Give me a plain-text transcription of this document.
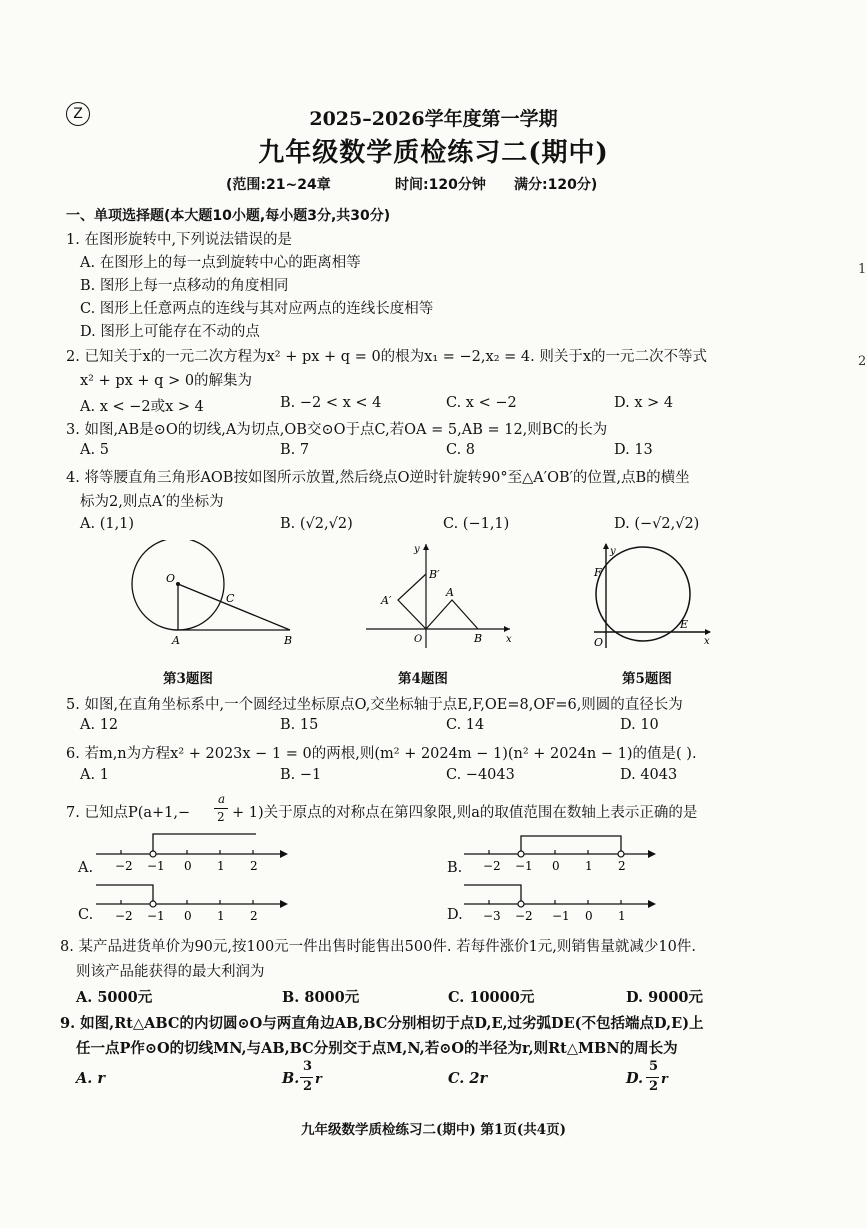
Z	2025–2026学年度第一学期
九年级数学质检练习二(期中)
(范围:21~24章	时间:120分钟 满分:120分)
一、单项选择题(本大题10小题,每小题3分,共30分)
1. 在图形旋转中,下列说法错误的是
A. 在图形上的每一点到旋转中心的距离相等
B. 图形上每一点移动的角度相同
C. 图形上任意两点的连线与其对应两点的连线长度相等
D. 图形上可能存在不动的点
2. 已知关于x的一元二次方程为x² + px + q = 0的根为x₁ = −2,x₂ = 4. 则关于x的一元二次不等式
x² + px + q > 0的解集为
A. x < −2或x > 4	B. −2 < x < 4	C. x < −2	D. x > 4
3. 如图,AB是⊙O的切线,A为切点,OB交⊙O于点C,若OA = 5,AB = 12,则BC的长为
A. 5	B. 7	C. 8	D. 13
4. 将等腰直角三角形AOB按如图所示放置,然后绕点O逆时针旋转90°至△A′OB′的位置,点B的横坐
标为2,则点A′的坐标为
A. (1,1)	B. (√2,√2)	C. (−1,1)	D. (−√2,√2)
O
A	B
C
第3题图
y
x
O
A
B
A′
B′
第4题图
y
x
O
E
F
第5题图
5. 如图,在直角坐标系中,一个圆经过坐标原点O,交坐标轴于点E,F,OE=8,OF=6,则圆的直径长为
A. 12	B. 15	C. 14	D. 10
6. 若m,n为方程x² + 2023x − 1 = 0的两根,则(m² + 2024m − 1)(n² + 2024n − 1)的值是( ).
A. 1	B. −1	C. −4043	D. 4043
7. 已知点P(a+1,−
a
2 + 1)关于原点的对称点在第四象限,则a的取值范围在数轴上表示正确的是
A. −2 −1 0 1 2	B. −2 −1 0 1 2
C. −2 −1 0 1 2	D. −3 −2 −1 0 1
8. 某产品进货单价为90元,按100元一件出售时能售出500件. 若每件涨价1元,则销售量就减少10件.
则该产品能获得的最大利润为
A. 5000元	B. 8000元	C. 10000元	D. 9000元
9. 如图,Rt△ABC的内切圆⊙O与两直角边AB,BC分别相切于点D,E,过劣弧DE(不包括端点D,E)上
任一点P作⊙O的切线MN,与AB,BC分别交于点M,N,若⊙O的半径为r,则Rt△MBN的周长为
A. r	B.
3
2 r	C. 2r	D.
5
2 r
九年级数学质检练习二(期中) 第1页(共4页)
1
2
